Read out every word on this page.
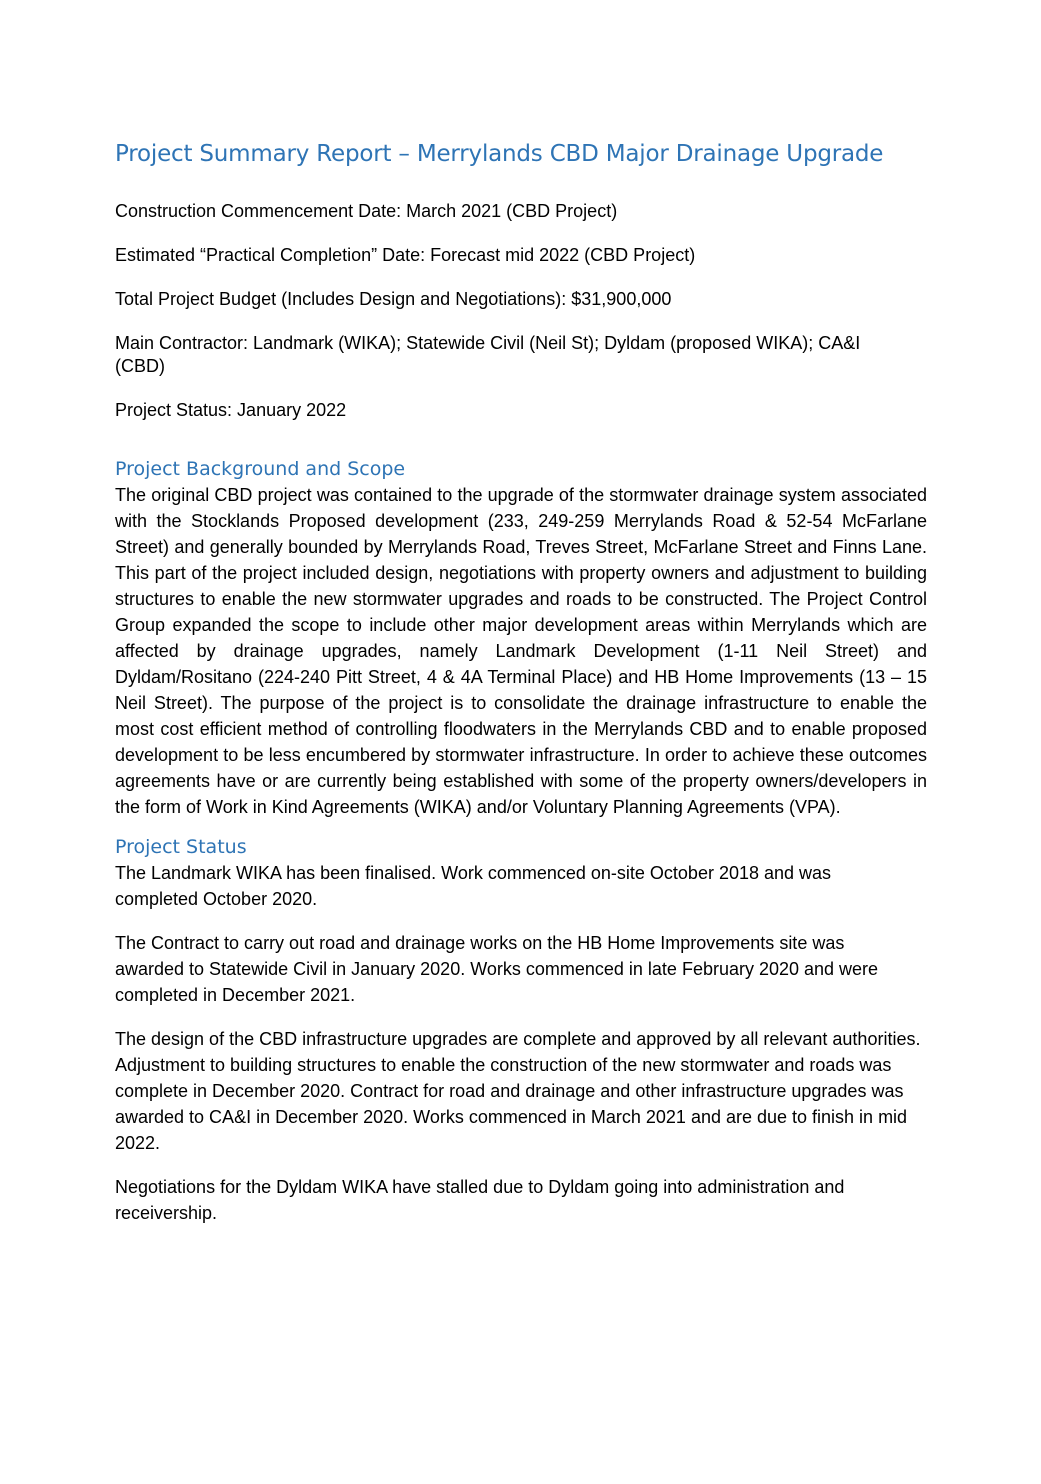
Project Summary Report – Merrylands CBD Major Drainage Upgrade

Construction Commencement Date: March 2021 (CBD Project)

Estimated “Practical Completion” Date: Forecast mid 2022 (CBD Project)

Total Project Budget (Includes Design and Negotiations): $31,900,000

Main Contractor: Landmark (WIKA); Statewide Civil (Neil St); Dyldam (proposed WIKA); CA&I (CBD)

Project Status: January 2022

Project Background and Scope

The original CBD project was contained to the upgrade of the stormwater drainage system associated with the Stocklands Proposed development (233, 249-259 Merrylands Road & 52-54 McFarlane Street) and generally bounded by Merrylands Road, Treves Street, McFarlane Street and Finns Lane. This part of the project included design, negotiations with property owners and adjustment to building structures to enable the new stormwater upgrades and roads to be constructed. The Project Control Group expanded the scope to include other major development areas within Merrylands which are affected by drainage upgrades, namely Landmark Development (1-11 Neil Street) and Dyldam/Rositano (224-240 Pitt Street, 4 & 4A Terminal Place) and HB Home Improvements (13 – 15 Neil Street). The purpose of the project is to consolidate the drainage infrastructure to enable the most cost efficient method of controlling floodwaters in the Merrylands CBD and to enable proposed development to be less encumbered by stormwater infrastructure. In order to achieve these outcomes agreements have or are currently being established with some of the property owners/developers in the form of Work in Kind Agreements (WIKA) and/or Voluntary Planning Agreements (VPA).

Project Status

The Landmark WIKA has been finalised. Work commenced on-site October 2018 and was completed October 2020.

The Contract to carry out road and drainage works on the HB Home Improvements site was awarded to Statewide Civil in January 2020. Works commenced in late February 2020 and were completed in December 2021.

The design of the CBD infrastructure upgrades are complete and approved by all relevant authorities. Adjustment to building structures to enable the construction of the new stormwater and roads was complete in December 2020. Contract for road and drainage and other infrastructure upgrades was awarded to CA&I in December 2020. Works commenced in March 2021 and are due to finish in mid 2022.

Negotiations for the Dyldam WIKA have stalled due to Dyldam going into administration and receivership.
